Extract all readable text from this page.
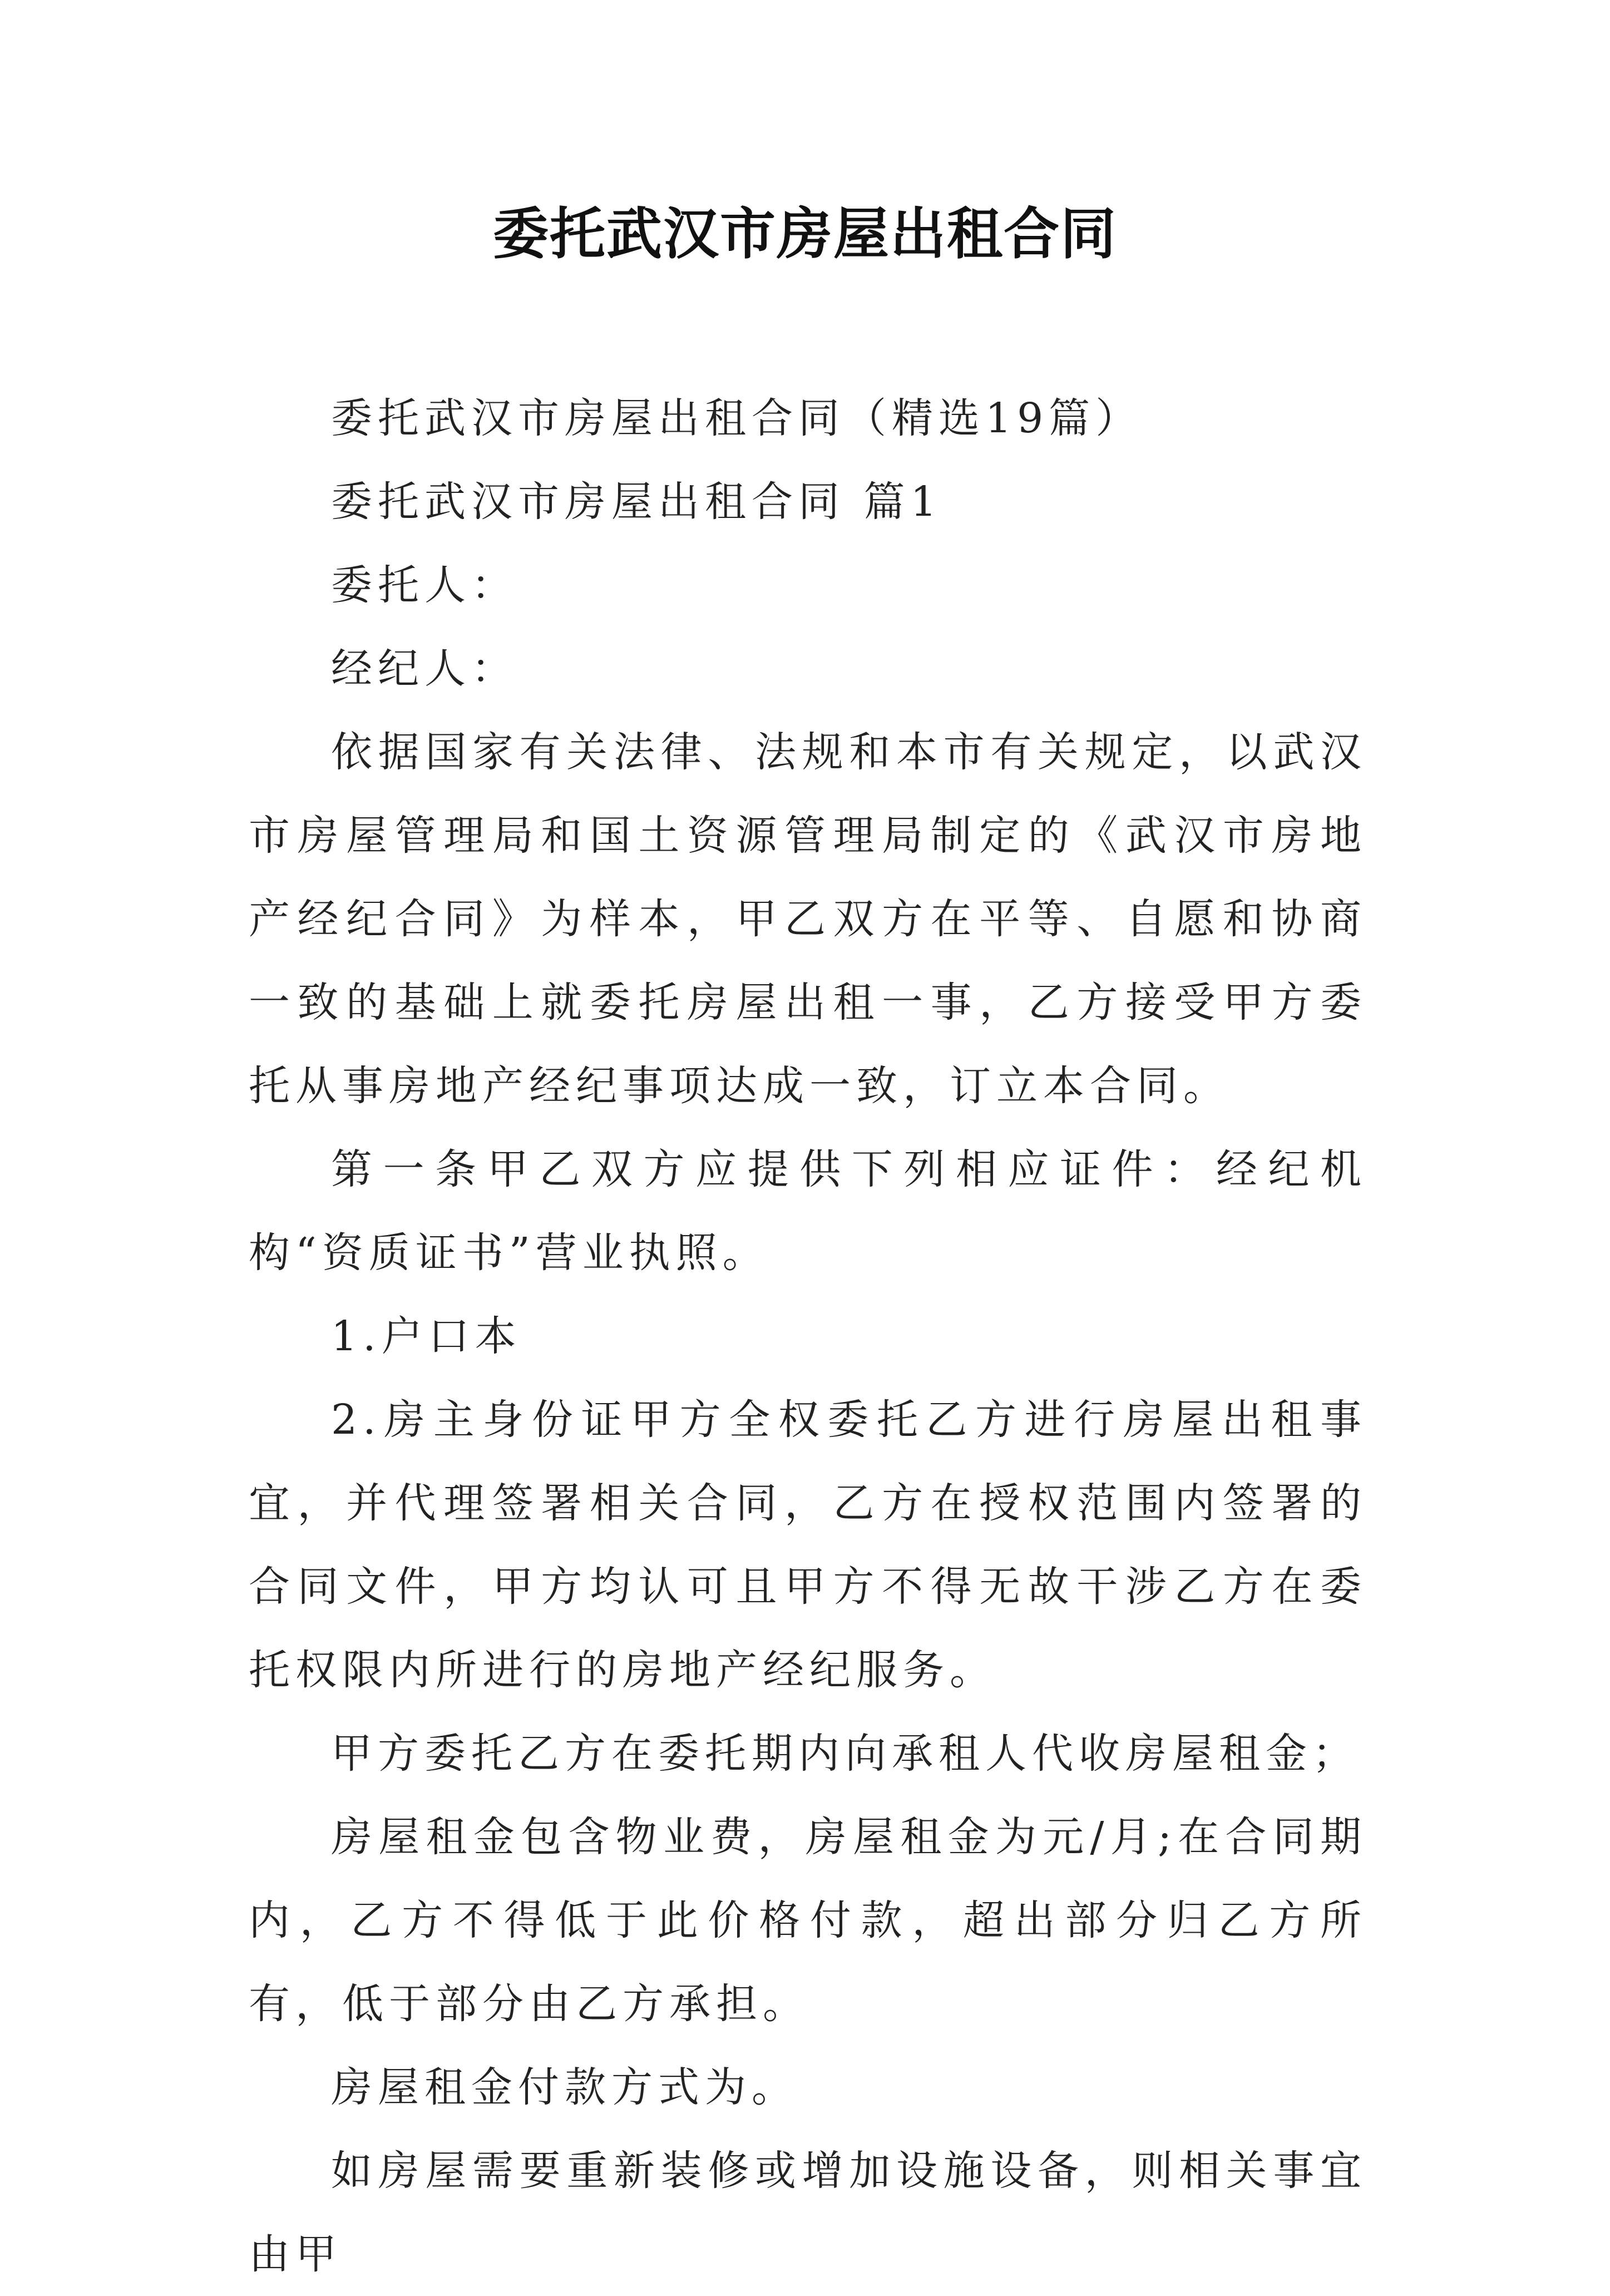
委托武汉市房屋出租合同

委托武汉市房屋出租合同（精选19篇）

委托武汉市房屋出租合同 篇1

委托人：

经纪人：

依据国家有关法律、法规和本市有关规定，以武汉市房屋管理局和国土资源管理局制定的《武汉市房地产经纪合同》为样本，甲乙双方在平等、自愿和协商一致的基础上就委托房屋出租一事，乙方接受甲方委托从事房地产经纪事项达成一致，订立本合同。

第一条甲乙双方应提供下列相应证件：经纪机构“资质证书”营业执照。

1.户口本

2.房主身份证甲方全权委托乙方进行房屋出租事宜，并代理签署相关合同，乙方在授权范围内签署的合同文件，甲方均认可且甲方不得无故干涉乙方在委托权限内所进行的房地产经纪服务。

甲方委托乙方在委托期内向承租人代收房屋租金；

房屋租金包含物业费，房屋租金为元/月;在合同期内，乙方不得低于此价格付款，超出部分归乙方所有，低于部分由乙方承担。

房屋租金付款方式为。

如房屋需要重新装修或增加设施设备，则相关事宜由甲
